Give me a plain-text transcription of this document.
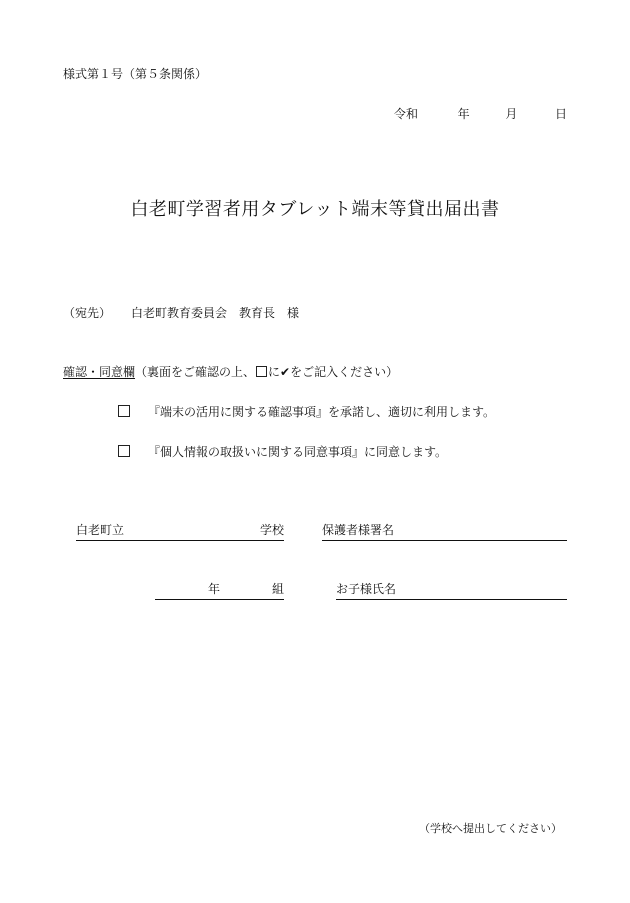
様式第１号（第５条関係）
令和	年	月	日
白老町学習者用タブレット端末等貸出届出書
（宛先） 白老町教育委員会　教育長　様
確認・同意欄（裏面をご確認の上、 に✔をご記入ください）
『端末の活用に関する確認事項』を承諾し、適切に利用します。
『個人情報の取扱いに関する同意事項』に同意します。
白老町立	学校	保護者様署名
年	組	お子様氏名
（学校へ提出してください）
